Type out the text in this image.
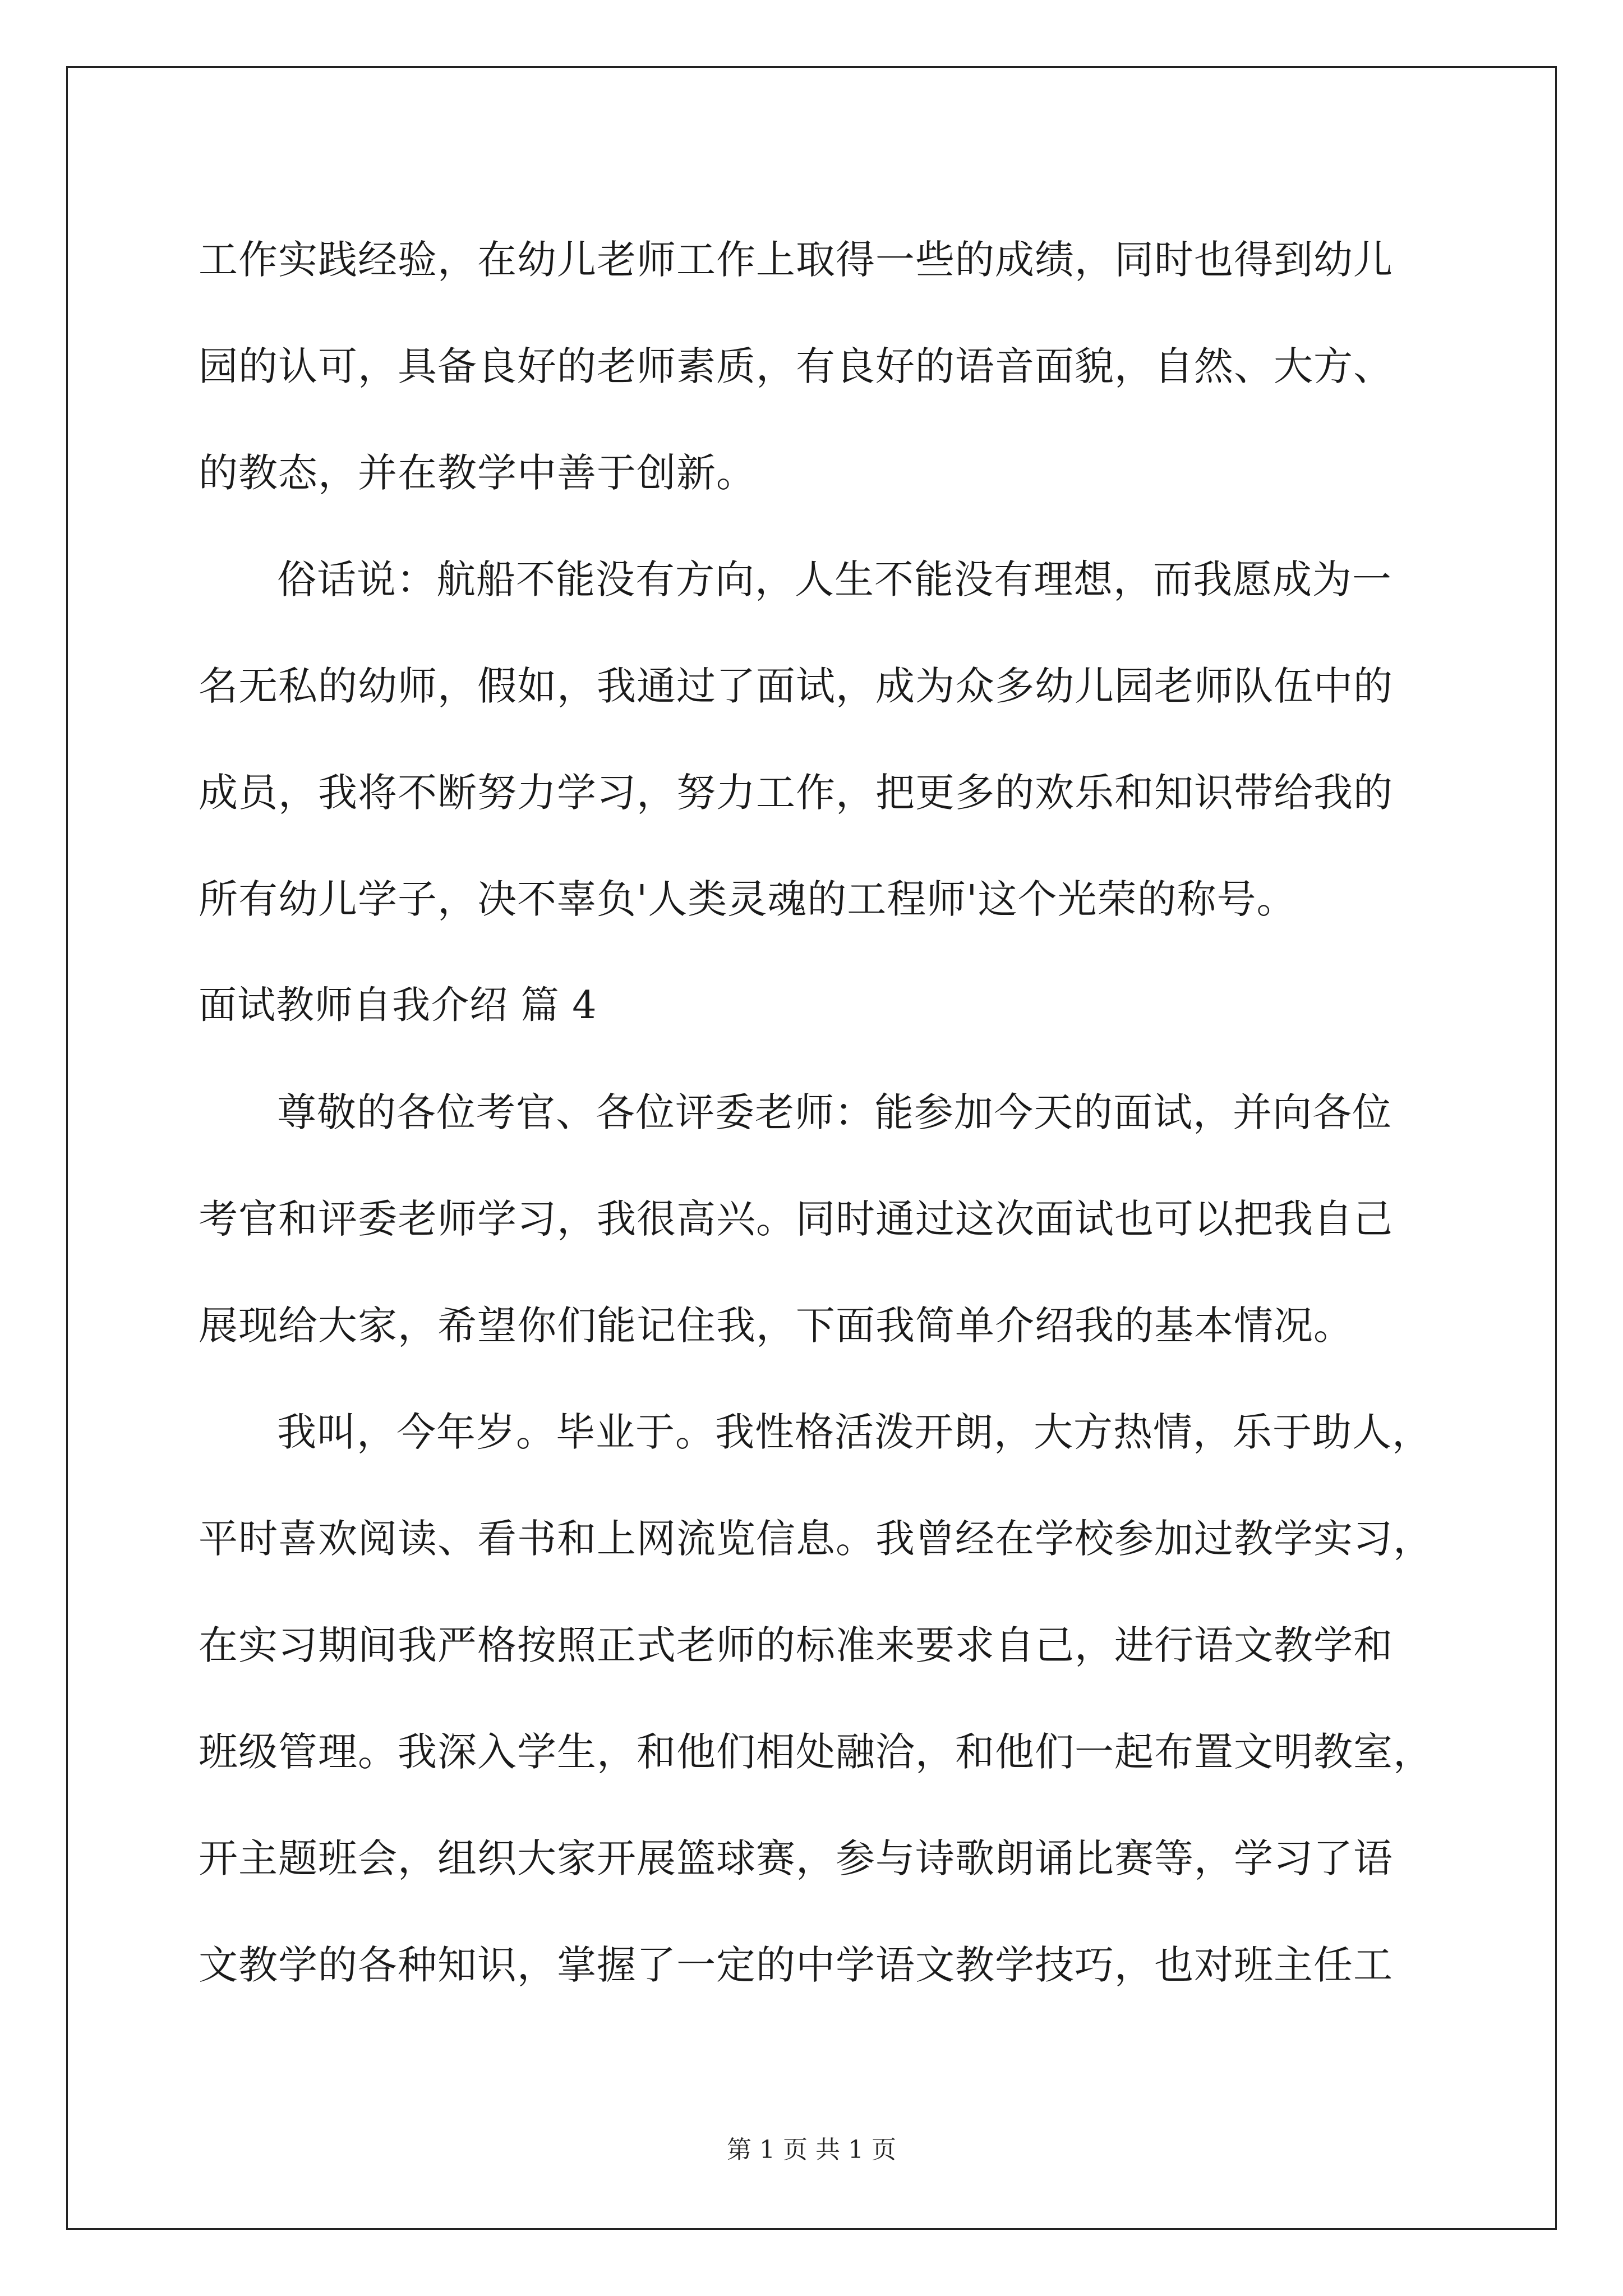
工作实践经验，在幼儿老师工作上取得一些的成绩，同时也得到幼儿
园的认可，具备良好的老师素质，有良好的语音面貌，自然、大方、
的教态，并在教学中善于创新。
俗话说：航船不能没有方向，人生不能没有理想，而我愿成为一
名无私的幼师，假如，我通过了面试，成为众多幼儿园老师队伍中的
成员，我将不断努力学习，努力工作，把更多的欢乐和知识带给我的
所有幼儿学子，决不辜负'人类灵魂的工程师'这个光荣的称号。
面试教师自我介绍 篇 4
尊敬的各位考官、各位评委老师：能参加今天的面试，并向各位
考官和评委老师学习，我很高兴。同时通过这次面试也可以把我自己
展现给大家，希望你们能记住我，下面我简单介绍我的基本情况。
我叫，今年岁。毕业于。我性格活泼开朗，大方热情，乐于助人，
平时喜欢阅读、看书和上网流览信息。我曾经在学校参加过教学实习，
在实习期间我严格按照正式老师的标准来要求自己，进行语文教学和
班级管理。我深入学生，和他们相处融洽，和他们一起布置文明教室，
开主题班会，组织大家开展篮球赛，参与诗歌朗诵比赛等，学习了语
文教学的各种知识，掌握了一定的中学语文教学技巧，也对班主任工
第 1 页 共 1 页
